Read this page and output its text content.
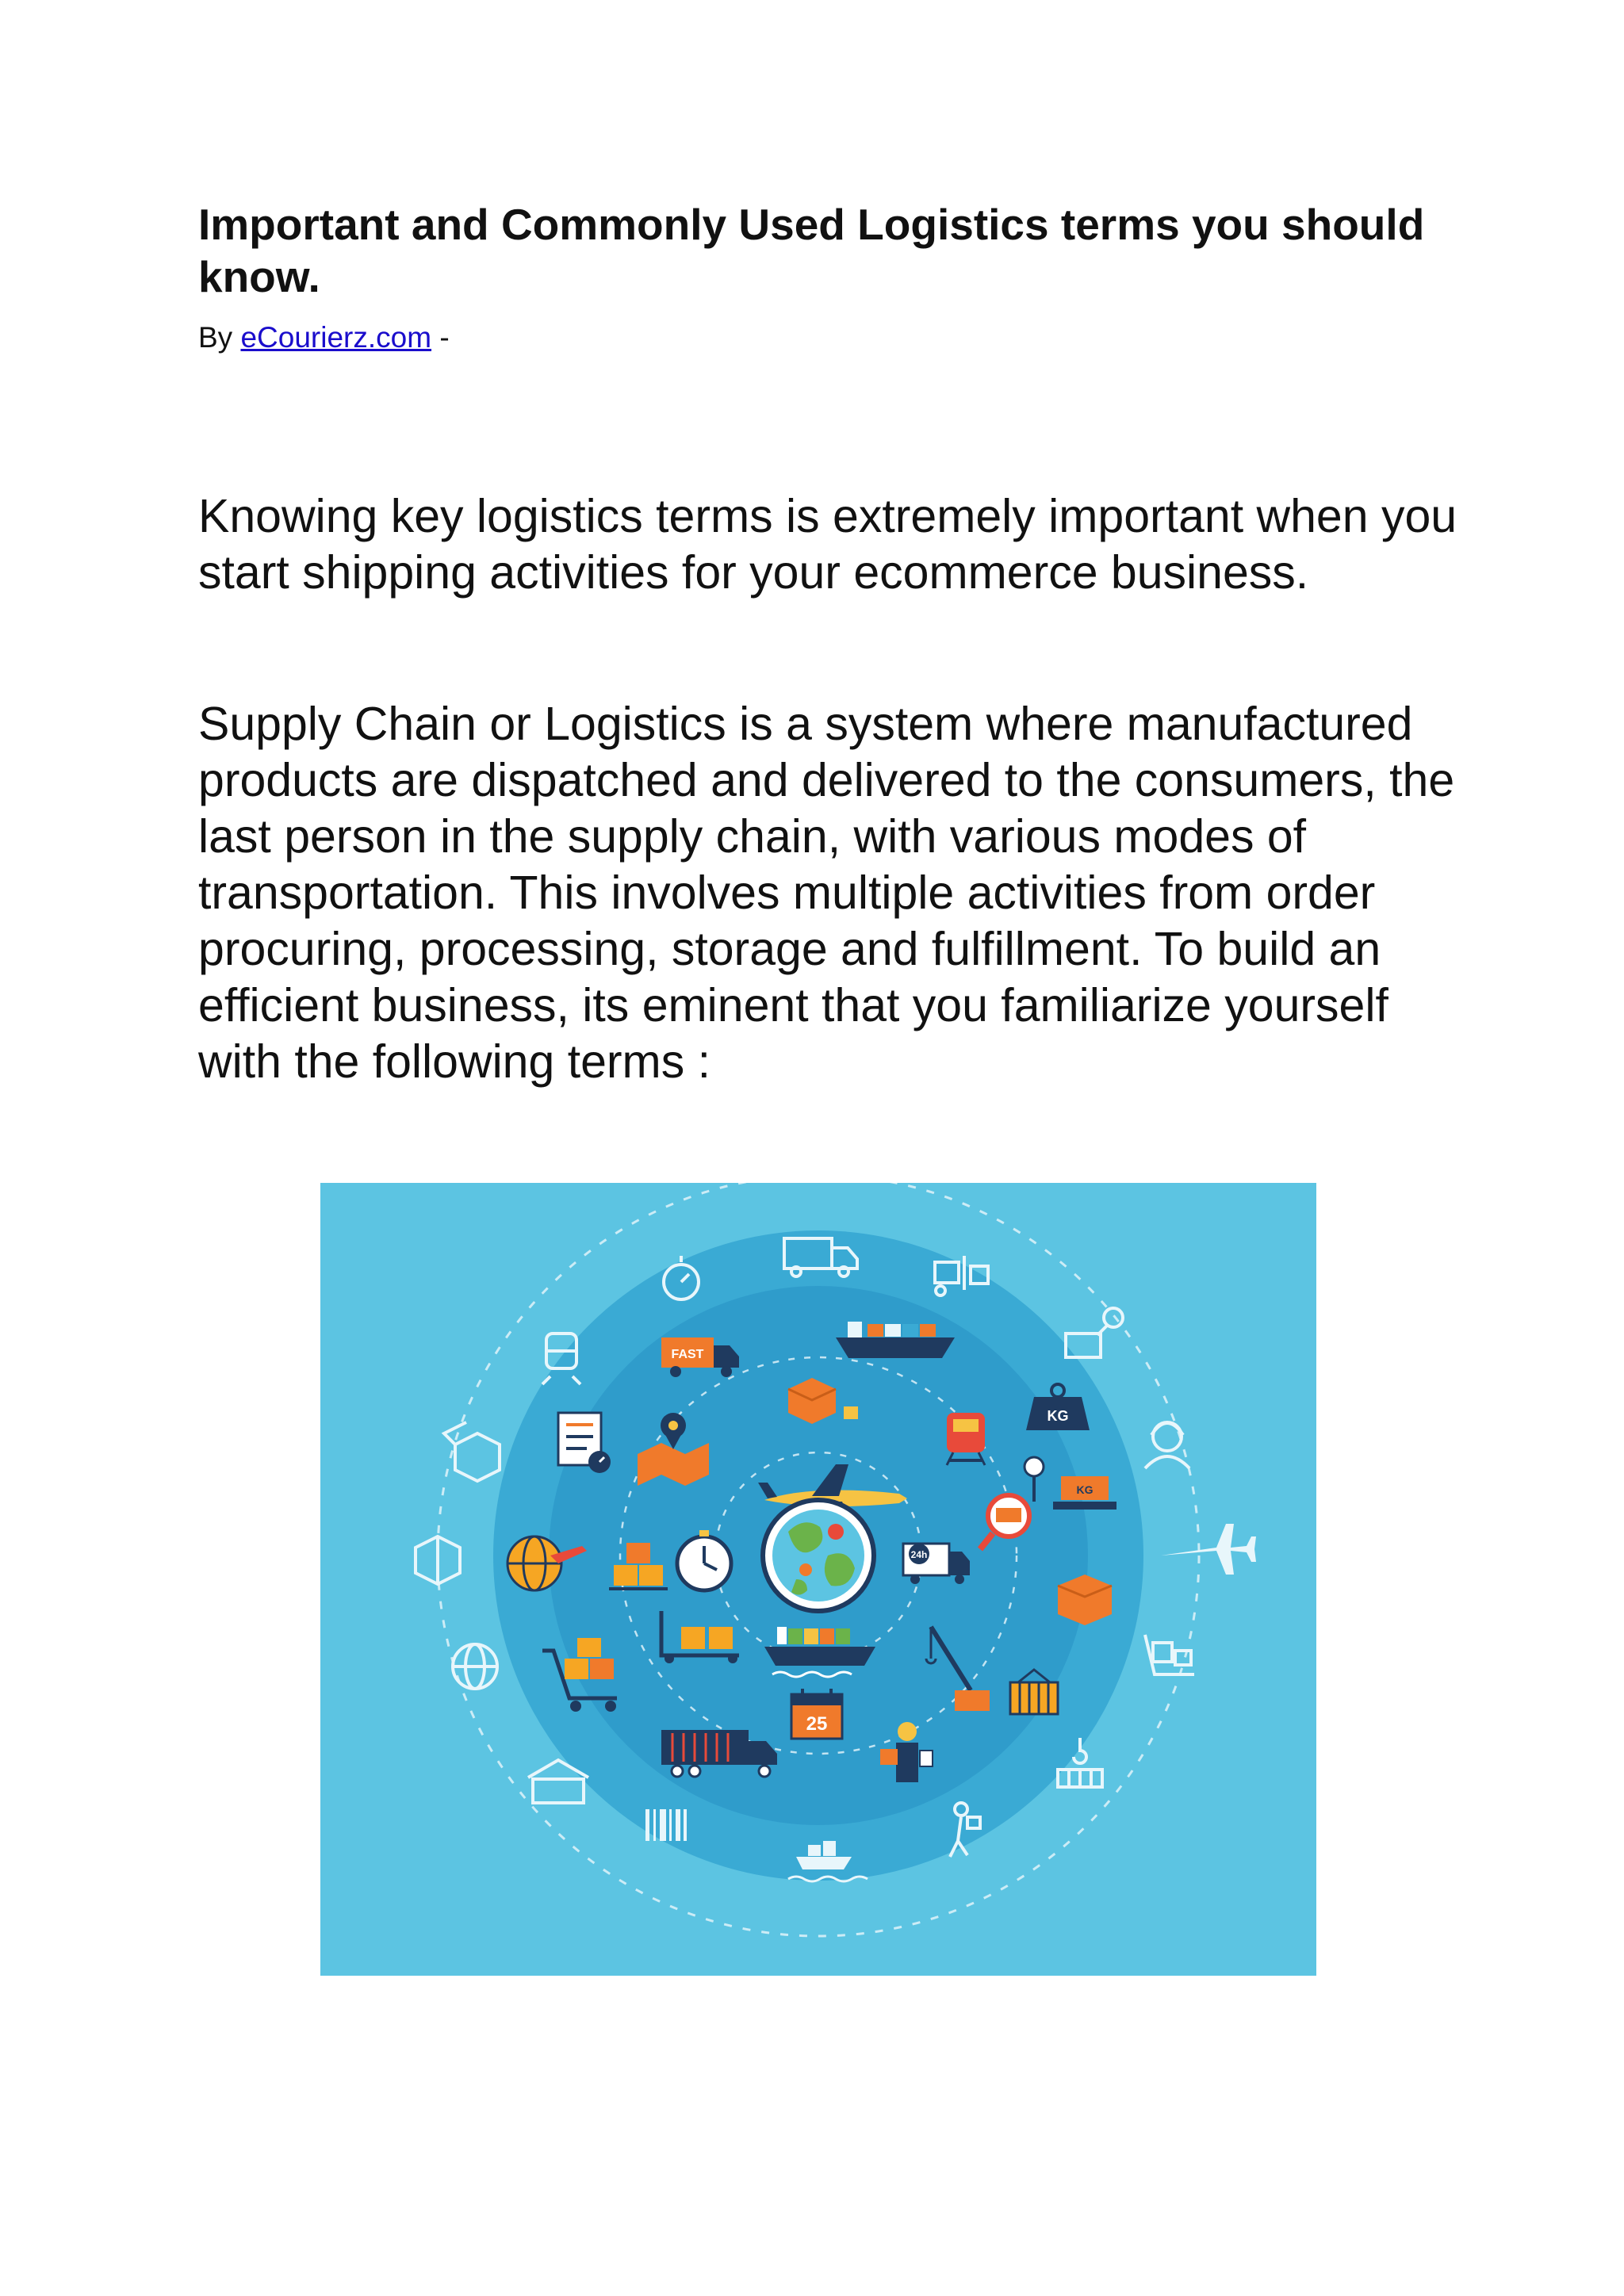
Important and Commonly Used Logistics terms you should know.
By eCourierz.com -

Knowing key logistics terms is extremely important when you start shipping activities for your ecommerce business.

Supply Chain or Logistics is a system where manufactured products are dispatched and delivered to the consumers, the last person in the supply chain, with various modes of transportation. This involves multiple activities from order procuring, processing, storage and fulfillment. To build an efficient business, its eminent that you familiarize yourself with the following terms :

FAST
KG
KG
24h
25
